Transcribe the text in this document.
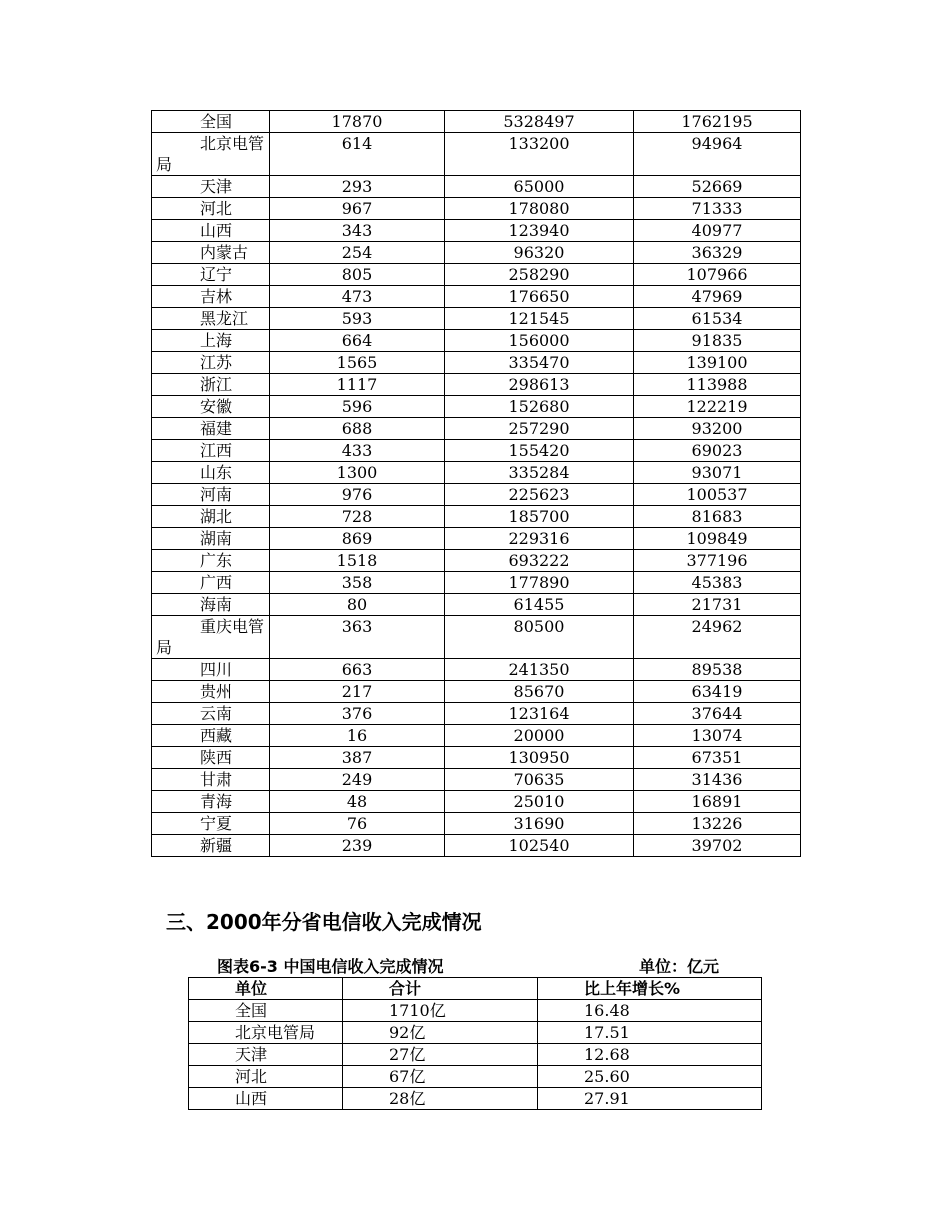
全国	17870	5328497	1762195
北京电管局	614	133200	94964
天津	293	65000	52669
河北	967	178080	71333
山西	343	123940	40977
内蒙古	254	96320	36329
辽宁	805	258290	107966
吉林	473	176650	47969
黑龙江	593	121545	61534
上海	664	156000	91835
江苏	1565	335470	139100
浙江	1117	298613	113988
安徽	596	152680	122219
福建	688	257290	93200
江西	433	155420	69023
山东	1300	335284	93071
河南	976	225623	100537
湖北	728	185700	81683
湖南	869	229316	109849
广东	1518	693222	377196
广西	358	177890	45383
海南	80	61455	21731
重庆电管局	363	80500	24962
四川	663	241350	89538
贵州	217	85670	63419
云南	376	123164	37644
西藏	16	20000	13074
陕西	387	130950	67351
甘肃	249	70635	31436
青海	48	25010	16891
宁夏	76	31690	13226
新疆	239	102540	39702
三、2000年分省电信收入完成情况
图表6-3 中国电信收入完成情况	单位：亿元
单位	合计	比上年增长%

全国	1710亿	16.48

北京电管局	92亿	17.51

天津	27亿	12.68

河北	67亿	25.60

山西	28亿	27.91
